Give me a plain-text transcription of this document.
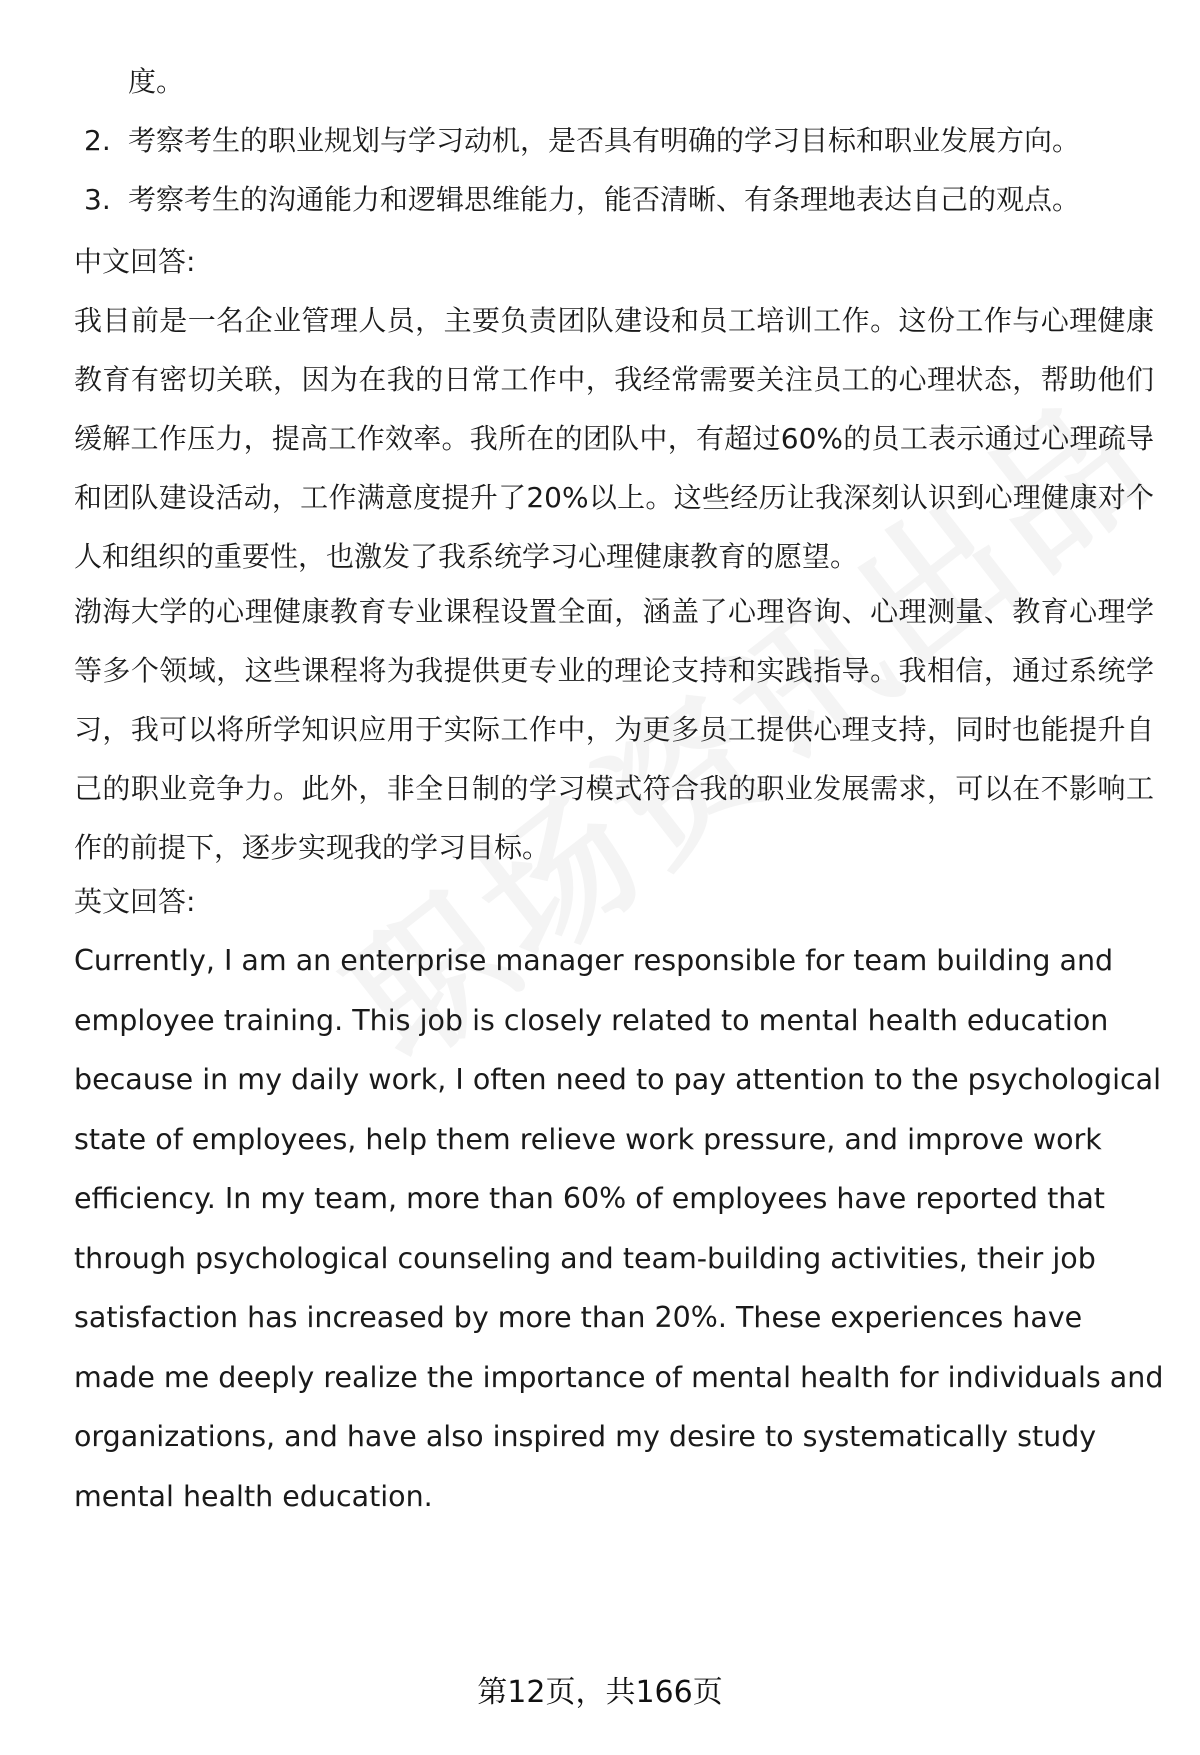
度。
2. 考察考生的职业规划与学习动机，是否具有明确的学习目标和职业发展方向。
3. 考察考生的沟通能力和逻辑思维能力，能否清晰、有条理地表达自己的观点。
中文回答:
我目前是一名企业管理人员，主要负责团队建设和员工培训工作。这份工作与心理健康教育有密切关联，因为在我的日常工作中，我经常需要关注员工的心理状态，帮助他们缓解工作压力，提高工作效率。我所在的团队中，有超过60%的员工表示通过心理疏导和团队建设活动，工作满意度提升了20%以上。这些经历让我深刻认识到心理健康对个人和组织的重要性，也激发了我系统学习心理健康教育的愿望。
渤海大学的心理健康教育专业课程设置全面，涵盖了心理咨询、心理测量、教育心理学等多个领域，这些课程将为我提供更专业的理论支持和实践指导。我相信，通过系统学习，我可以将所学知识应用于实际工作中，为更多员工提供心理支持，同时也能提升自己的职业竞争力。此外，非全日制的学习模式符合我的职业发展需求，可以在不影响工作的前提下，逐步实现我的学习目标。
英文回答:
Currently, I am an enterprise manager responsible for team building and employee training. This job is closely related to mental health education because in my daily work, I often need to pay attention to the psychological state of employees, help them relieve work pressure, and improve work efficiency. In my team, more than 60% of employees have reported that through psychological counseling and team-building activities, their job satisfaction has increased by more than 20%. These experiences have made me deeply realize the importance of mental health for individuals and organizations, and have also inspired my desire to systematically study mental health education.
第12页，共166页
